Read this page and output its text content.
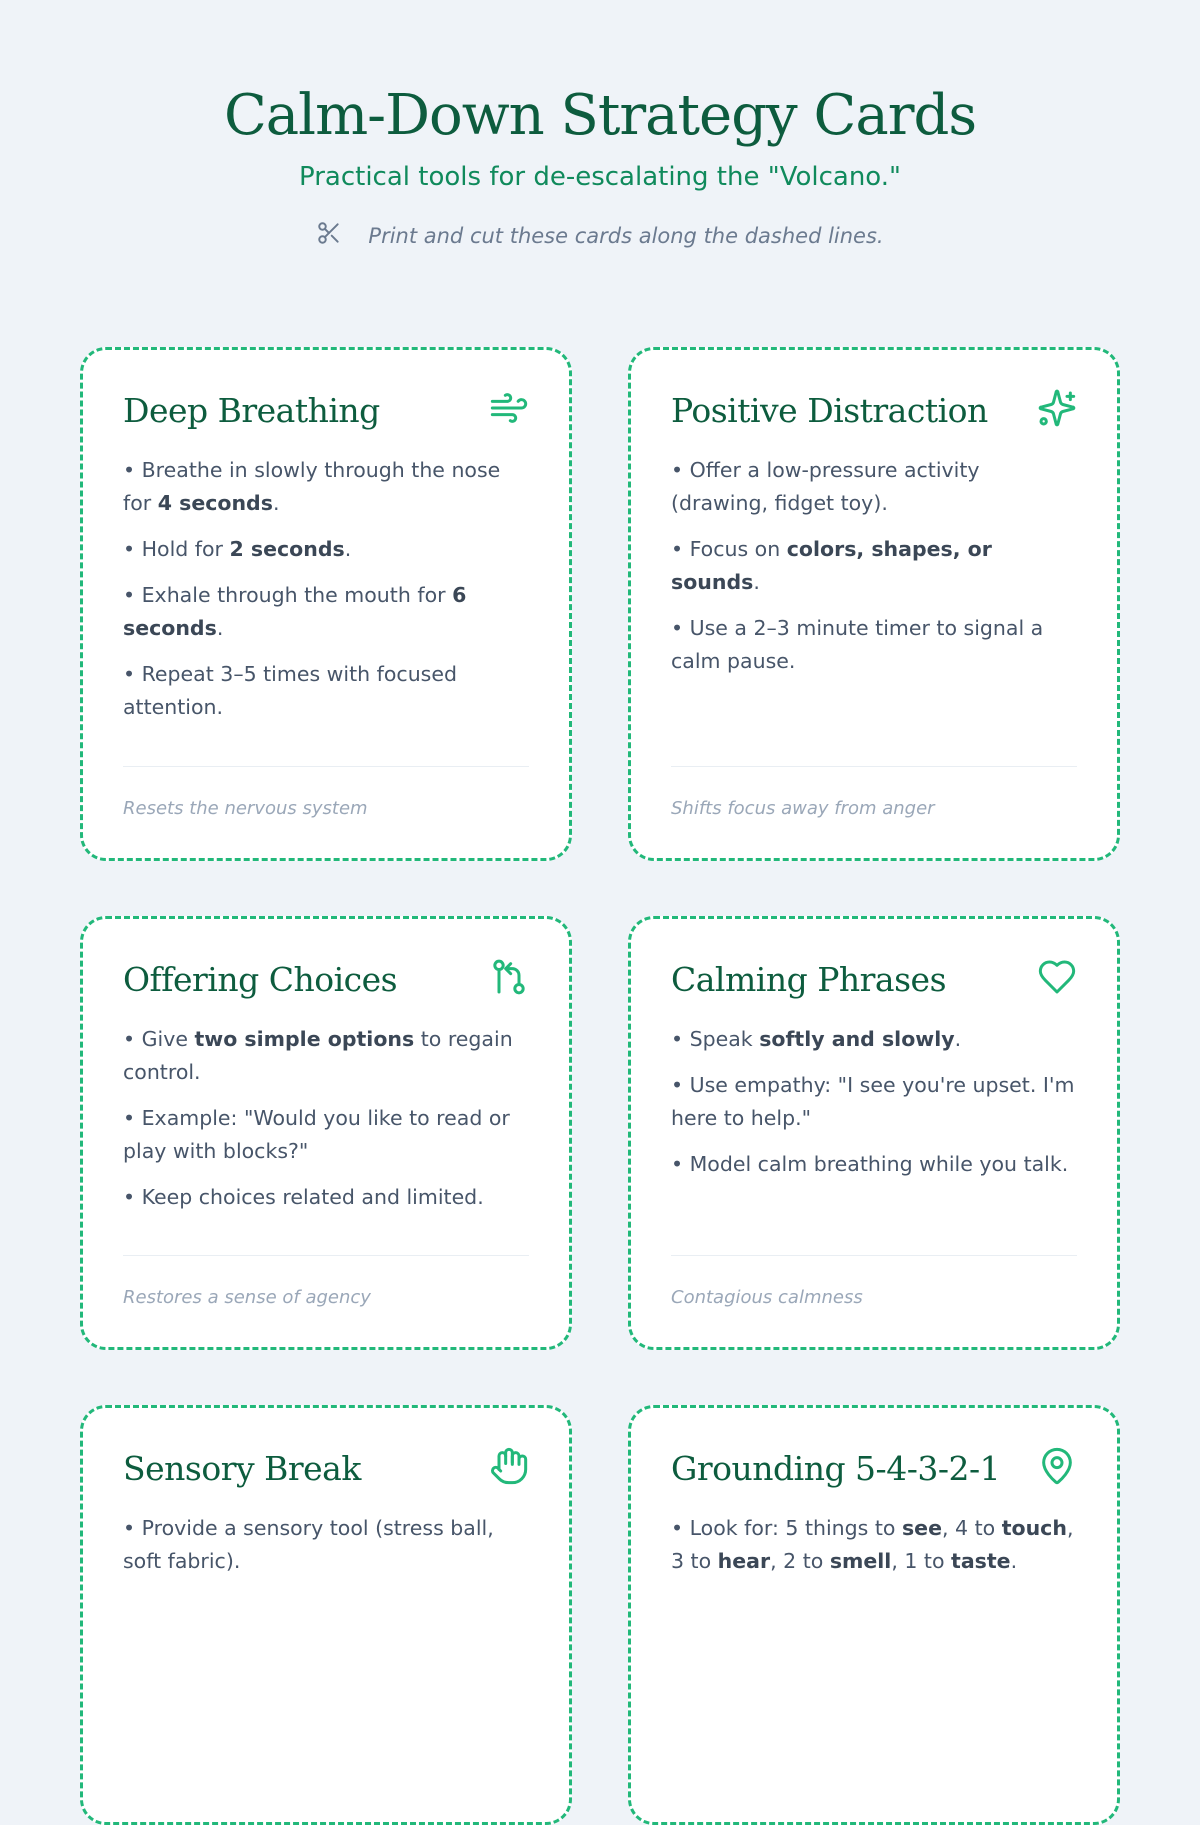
Calm-Down Strategy Cards

Practical tools for de-escalating the "Volcano."

Print and cut these cards along the dashed lines.
Deep Breathing
• Breathe in slowly through the nose for 4 seconds.
• Hold for 2 seconds.
• Exhale through the mouth for 6 seconds.
• Repeat 3–5 times with focused attention.
Resets the nervous system
Positive Distraction
• Offer a low-pressure activity (drawing, fidget toy).
• Focus on colors, shapes, or sounds.
• Use a 2–3 minute timer to signal a calm pause.
Shifts focus away from anger
Offering Choices
• Give two simple options to regain control.
• Example: "Would you like to read or play with blocks?"
• Keep choices related and limited.
Restores a sense of agency
Calming Phrases
• Speak softly and slowly.
• Use empathy: "I see you're upset. I'm here to help."
• Model calm breathing while you talk.
Contagious calmness
Sensory Break
• Provide a sensory tool (stress ball, soft fabric).
Grounding 5-4-3-2-1
• Look for: 5 things to see, 4 to touch, 3 to hear, 2 to smell, 1 to taste.
